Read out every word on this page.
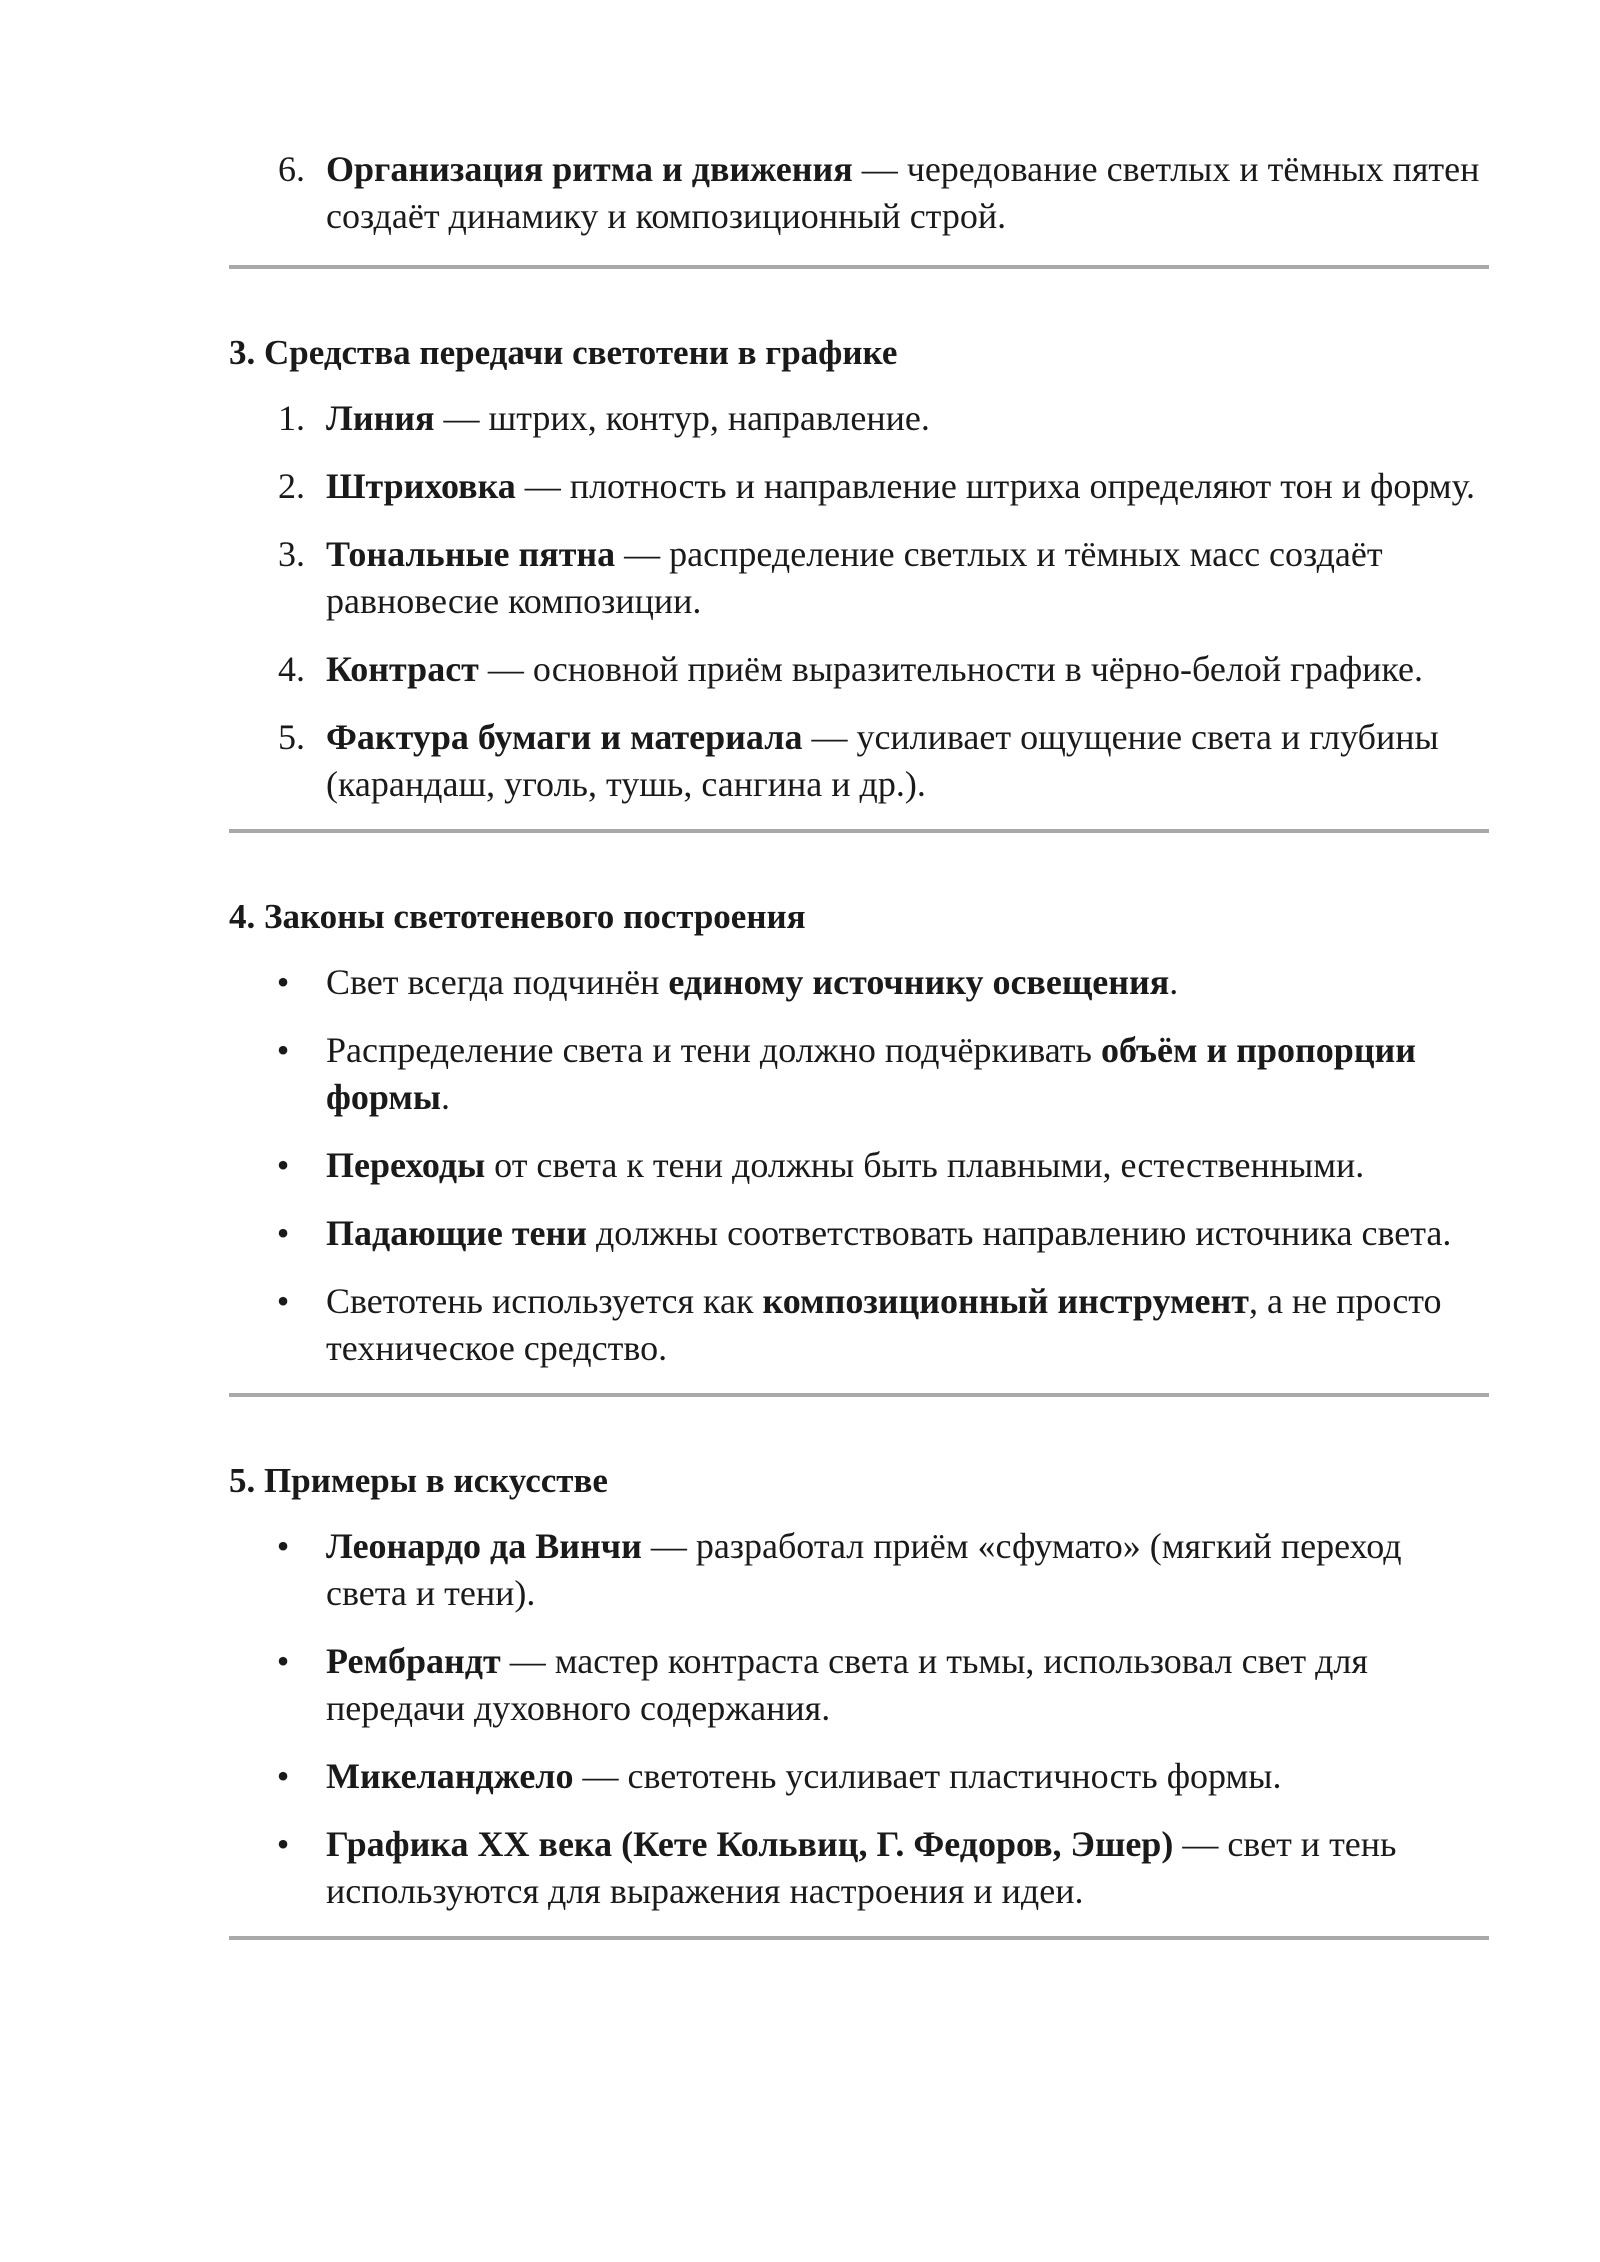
6. Организация ритма и движения — чередование светлых и тёмных пятен создаёт динамику и композиционный строй.
3. Средства передачи светотени в графике
1. Линия — штрих, контур, направление.
2. Штриховка — плотность и направление штриха определяют тон и форму.
3. Тональные пятна — распределение светлых и тёмных масс создаёт равновесие композиции.
4. Контраст — основной приём выразительности в чёрно-белой графике.
5. Фактура бумаги и материала — усиливает ощущение света и глубины (карандаш, уголь, тушь, сангина и др.).
4. Законы светотеневого построения
• Свет всегда подчинён единому источнику освещения.
• Распределение света и тени должно подчёркивать объём и пропорции формы.
• Переходы от света к тени должны быть плавными, естественными.
• Падающие тени должны соответствовать направлению источника света.
• Светотень используется как композиционный инструмент, а не просто техническое средство.
5. Примеры в искусстве
• Леонардо да Винчи — разработал приём «сфумато» (мягкий переход света и тени).
• Рембрандт — мастер контраста света и тьмы, использовал свет для передачи духовного содержания.
• Микеланджело — светотень усиливает пластичность формы.
• Графика XX века (Кете Кольвиц, Г. Федоров, Эшер) — свет и тень используются для выражения настроения и идеи.
